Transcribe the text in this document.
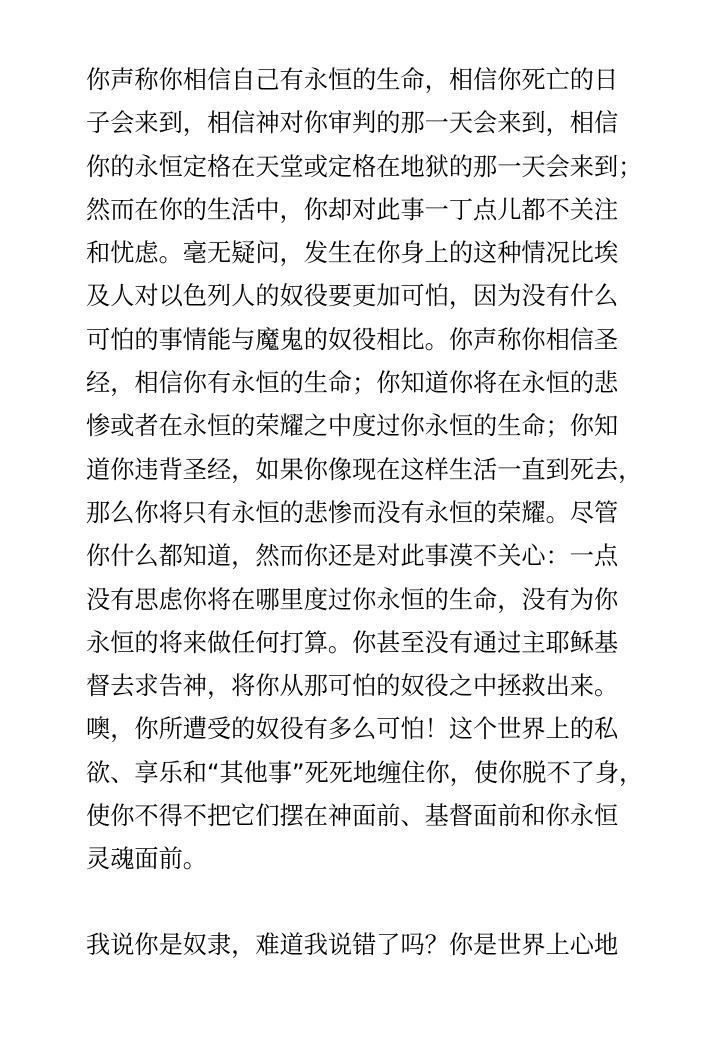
你声称你相信自己有永恒的生命，相信你死亡的日
子会来到，相信神对你审判的那一天会来到，相信
你的永恒定格在天堂或定格在地狱的那一天会来到；
然而在你的生活中，你却对此事一丁点儿都不关注
和忧虑。毫无疑问，发生在你身上的这种情况比埃
及人对以色列人的奴役要更加可怕，因为没有什么
可怕的事情能与魔鬼的奴役相比。你声称你相信圣
经，相信你有永恒的生命；你知道你将在永恒的悲
惨或者在永恒的荣耀之中度过你永恒的生命；你知
道你违背圣经，如果你像现在这样生活一直到死去，
那么你将只有永恒的悲惨而没有永恒的荣耀。尽管
你什么都知道，然而你还是对此事漠不关心：一点
没有思虑你将在哪里度过你永恒的生命，没有为你
永恒的将来做任何打算。你甚至没有通过主耶稣基
督去求告神，将你从那可怕的奴役之中拯救出来。
噢，你所遭受的奴役有多么可怕！这个世界上的私
欲、享乐和“其他事”死死地缠住你，使你脱不了身，
使你不得不把它们摆在神面前、基督面前和你永恒
灵魂面前。
我说你是奴隶，难道我说错了吗？你是世界上心地
